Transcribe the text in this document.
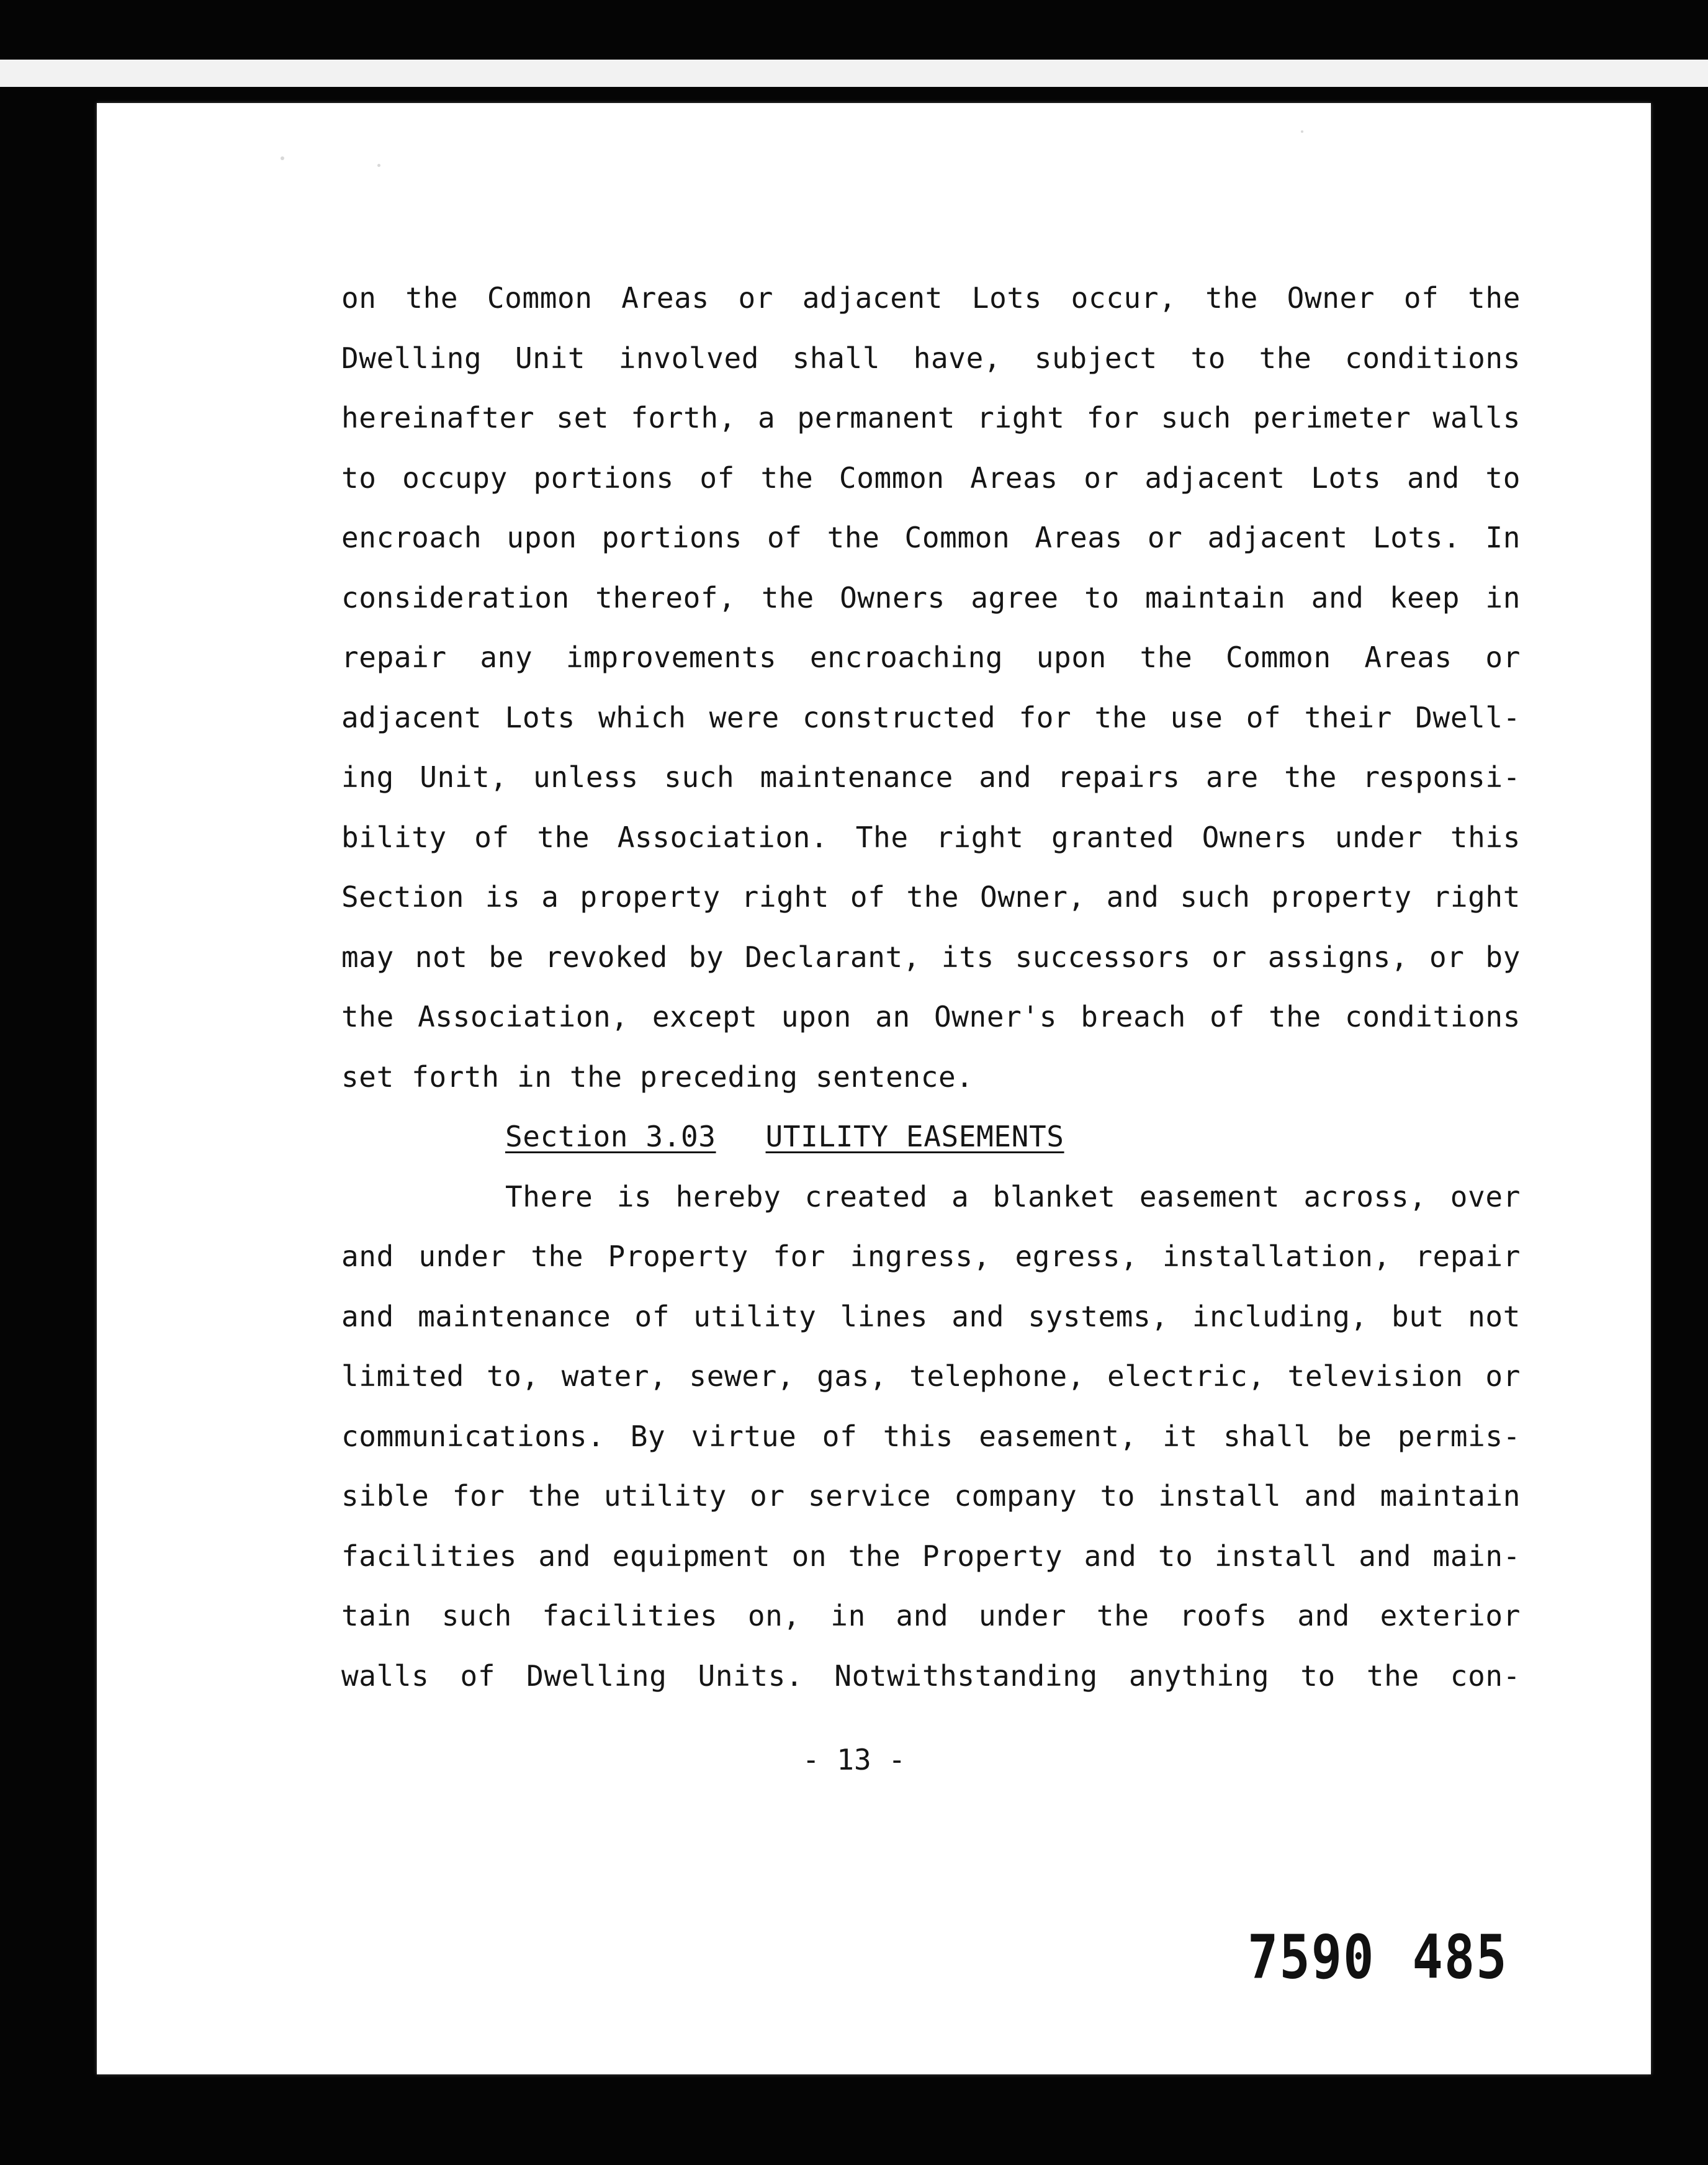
on the Common Areas or adjacent Lots occur, the Owner of the
Dwelling Unit involved shall have, subject to the conditions
hereinafter set forth, a permanent right for such perimeter walls
to occupy portions of the Common Areas or adjacent Lots and to
encroach upon portions of the Common Areas or adjacent Lots. In
consideration thereof, the Owners agree to maintain and keep in
repair any improvements encroaching upon the Common Areas or
adjacent Lots which were constructed for the use of their Dwell-
ing Unit, unless such maintenance and repairs are the responsi-
bility of the Association. The right granted Owners under this
Section is a property right of the Owner, and such property right
may not be revoked by Declarant, its successors or assigns, or by
the Association, except upon an Owner's breach of the conditions
set forth in the preceding sentence.
Section 3.03 UTILITY EASEMENTS
There is hereby created a blanket easement across, over
and under the Property for ingress, egress, installation, repair
and maintenance of utility lines and systems, including, but not
limited to, water, sewer, gas, telephone, electric, television or
communications. By virtue of this easement, it shall be permis-
sible for the utility or service company to install and maintain
facilities and equipment on the Property and to install and main-
tain such facilities on, in and under the roofs and exterior
walls of Dwelling Units. Notwithstanding anything to the con-
- 13 -
7590 485
